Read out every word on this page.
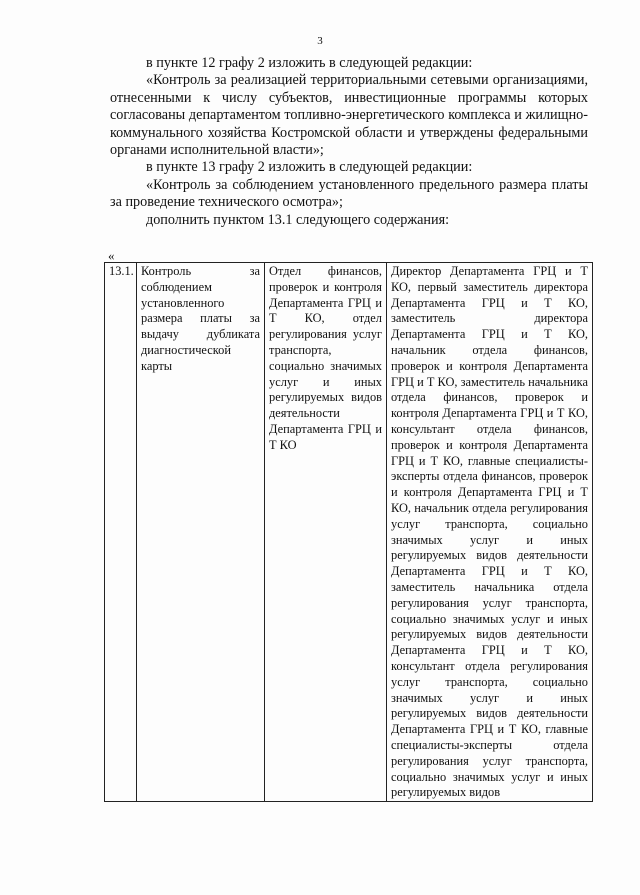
3

в пункте 12 графу 2 изложить в следующей редакции:

«Контроль за реализацией территориальными сетевыми организациями, отнесенными к числу субъектов, инвестиционные программы которых согласованы департаментом топливно-энергетического комплекса и жилищно-коммунального хозяйства Костромской области и утверждены федеральными органами исполнительной власти»;

в пункте 13 графу 2 изложить в следующей редакции:

«Контроль за соблюдением установленного предельного размера платы за проведение технического осмотра»;

дополнить пунктом 13.1 следующего содержания:

«
13.1.	Контроль за соблюдением установленного размера платы за выдачу дубликата диагностической карты	Отдел финансов, проверок и контроля Департамента ГРЦ и Т КО, отдел регулирования услуг транспорта, социально значимых услуг и иных регулируемых видов деятельности Департамента ГРЦ и Т КО	Директор Департамента ГРЦ и Т КО, первый заместитель директора Департамента ГРЦ и Т КО, заместитель директора Департамента ГРЦ и Т КО, начальник отдела финансов, проверок и контроля Департамента ГРЦ и Т КО, заместитель начальника отдела финансов, проверок и контроля Департамента ГРЦ и Т КО, консультант отдела финансов, проверок и контроля Департамента ГРЦ и Т КО, главные специалисты-эксперты отдела финансов, проверок и контроля Департамента ГРЦ и Т КО, начальник отдела регулирования услуг транспорта, социально значимых услуг и иных регулируемых видов деятельности Департамента ГРЦ и Т КО, заместитель начальника отдела регулирования услуг транспорта, социально значимых услуг и иных регулируемых видов деятельности Департамента ГРЦ и Т КО, консультант отдела регулирования услуг транспорта, социально значимых услуг и иных регулируемых видов деятельности Департамента ГРЦ и Т КО, главные специалисты-эксперты отдела регулирования услуг транспорта, социально значимых услуг и иных регулируемых видов
